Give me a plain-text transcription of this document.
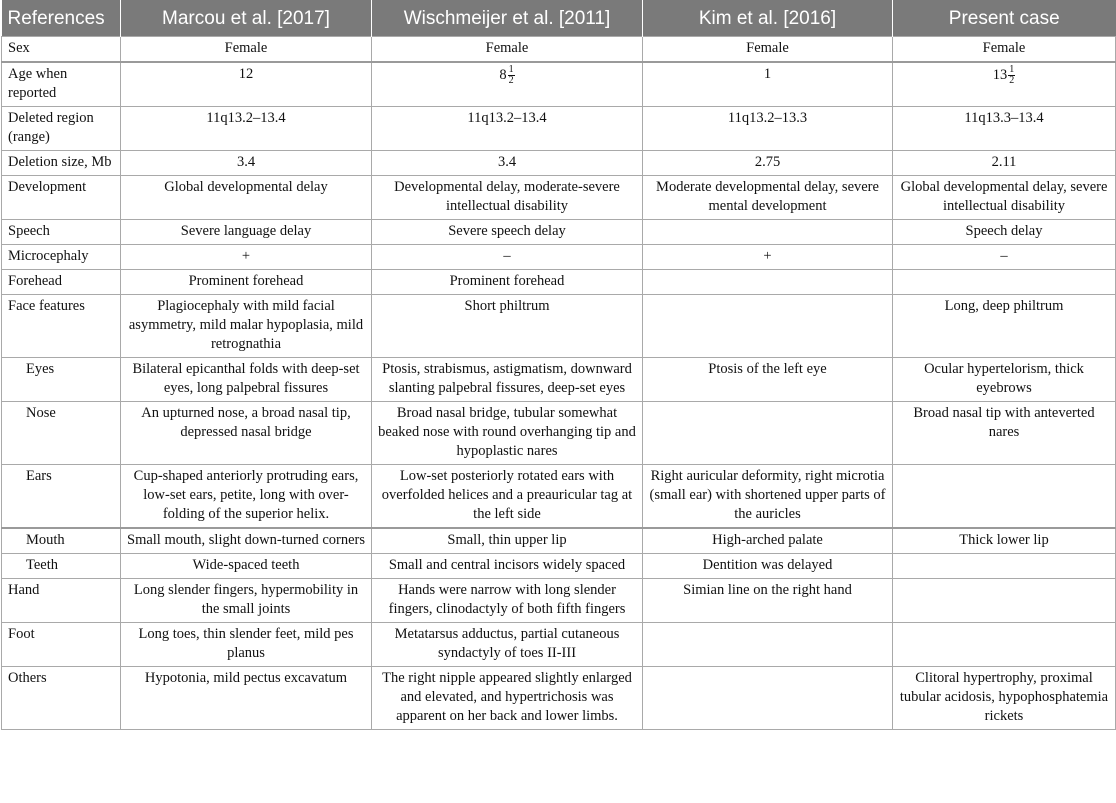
References	Marcou et al. [2017]	Wischmeijer et al. [2011]	Kim et al. [2016]	Present case
Sex	Female	Female	Female	Female
Age when reported	12	$8 \frac{1}{2}$	1	$13 \frac{1}{2}$

Deleted region (range)	11q13.2–13.4	11q13.2–13.4	11q13.2–13.3	11q13.3–13.4
Deletion size, Mb	3.4	3.4	2.75	2.11
Development	Global developmental delay	Developmental delay, moderate-severe intellectual disability	Moderate developmental delay, severe mental development	Global developmental delay, severe intellectual disability
Speech	Severe language delay	Severe speech delay		Speech delay
Microcephaly	+	–	+	–
Forehead	Prominent forehead	Prominent forehead		
Face features	Plagiocephaly with mild facial asymmetry, mild malar hypoplasia, mild retrognathia	Short philtrum		Long, deep philtrum
Eyes	Bilateral epicanthal folds with deep-set eyes, long palpebral fissures	Ptosis, strabismus, astigmatism, downward slanting palpebral fissures, deep-set eyes	Ptosis of the left eye	Ocular hypertelorism, thick eyebrows
Nose	An upturned nose, a broad nasal tip, depressed nasal bridge	Broad nasal bridge, tubular somewhat beaked nose with round overhanging tip and hypoplastic nares		Broad nasal tip with anteverted nares
Ears	Cup-shaped anteriorly protruding ears, low-set ears, petite, long with over-folding of the superior helix.	Low-set posteriorly rotated ears with overfolded helices and a preauricular tag at the left side	Right auricular deformity, right microtia (small ear) with shortened upper parts of the auricles	
Mouth	Small mouth, slight down-turned corners	Small, thin upper lip	High-arched palate	Thick lower lip
Teeth	Wide-spaced teeth	Small and central incisors widely spaced	Dentition was delayed	
Hand	Long slender fingers, hypermobility in the small joints	Hands were narrow with long slender fingers, clinodactyly of both fifth fingers	Simian line on the right hand	
Foot	Long toes, thin slender feet, mild pes planus	Metatarsus adductus, partial cutaneous syndactyly of toes II-III		
Others	Hypotonia, mild pectus excavatum	The right nipple appeared slightly enlarged and elevated, and hypertrichosis was apparent on her back and lower limbs.		Clitoral hypertrophy, proximal tubular acidosis, hypophosphatemia rickets
